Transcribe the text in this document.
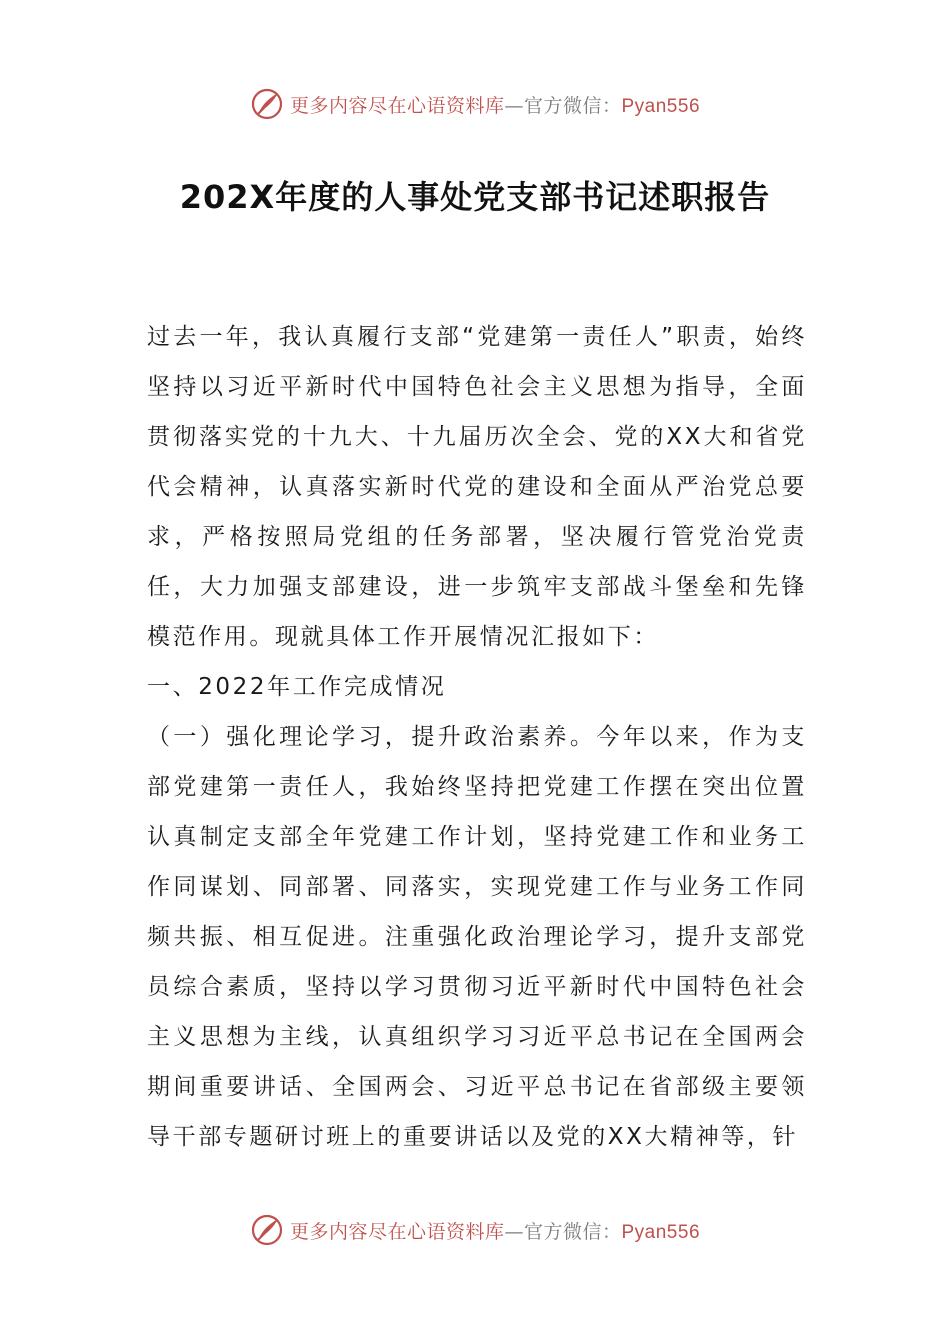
更多内容尽在心语资料库—官方微信：Pyan556
202X年度的人事处党支部书记述职报告

过去一年，我认真履行支部“党建第一责任人”职责，始终坚持以习近平新时代中国特色社会主义思想为指导，全面贯彻落实党的十九大、十九届历次全会、党的XX大和省党代会精神，认真落实新时代党的建设和全面从严治党总要求，严格按照局党组的任务部署，坚决履行管党治党责任，大力加强支部建设，进一步筑牢支部战斗堡垒和先锋模范作用。现就具体工作开展情况汇报如下：

一、2022年工作完成情况

（一）强化理论学习，提升政治素养。今年以来，作为支部党建第一责任人，我始终坚持把党建工作摆在突出位置认真制定支部全年党建工作计划，坚持党建工作和业务工作同谋划、同部署、同落实，实现党建工作与业务工作同频共振、相互促进。注重强化政治理论学习，提升支部党员综合素质，坚持以学习贯彻习近平新时代中国特色社会主义思想为主线，认真组织学习习近平总书记在全国两会期间重要讲话、全国两会、习近平总书记在省部级主要领导干部专题研讨班上的重要讲话以及党的XX大精神等，针

更多内容尽在心语资料库—官方微信：Pyan556
